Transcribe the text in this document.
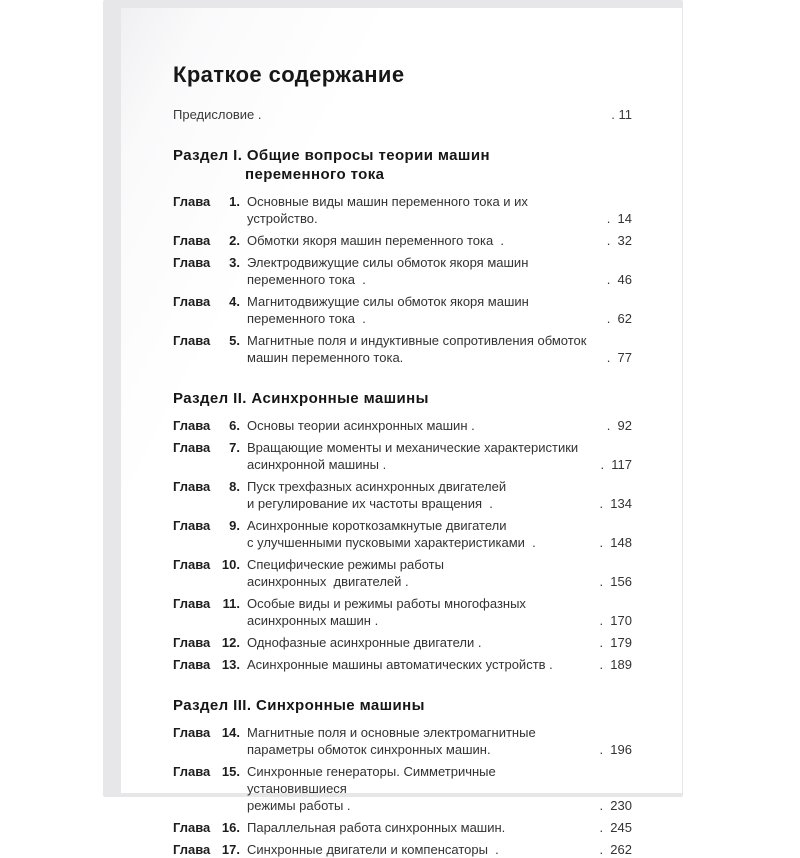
Краткое содержание
Предисловие .	. 11
Раздел I. Общие вопросы теории машин
переменного тока
Глава	1. Основные виды машин переменного тока и их устройство.	.  14
Глава	2. Обмотки якоря машин переменного тока  .	.  32
Глава	3. Электродвижущие силы обмоток якоря машин
переменного тока  .	.  46
Глава	4. Магнитодвижущие силы обмоток якоря машин
переменного тока  .	.  62
Глава	5. Магнитные поля и индуктивные сопротивления обмоток
машин переменного тока.	.  77
Раздел II. Асинхронные машины
Глава	6. Основы теории асинхронных машин .	.  92
Глава	7. Вращающие моменты и механические характеристики
асинхронной машины .	.  117
Глава	8. Пуск трехфазных асинхронных двигателей
и регулирование их частоты вращения  .	.  134
Глава	9. Асинхронные короткозамкнутые двигатели
с улучшенными пусковыми характеристиками  .	.  148
Глава 10. Специфические режимы работы
асинхронных  двигателей .	.  156
Глава 11. Особые виды и режимы работы многофазных
асинхронных машин .	.  170
Глава 12. Однофазные асинхронные двигатели .	.  179
Глава 13. Асинхронные машины автоматических устройств .	.  189
Раздел III. Синхронные машины
Глава 14. Магнитные поля и основные электромагнитные
параметры обмоток синхронных машин.	.  196
Глава 15. Синхронные генераторы. Симметричные установившиеся
режимы работы .	.  230
Глава 16. Параллельная работа синхронных машин.	.  245
Глава 17. Синхронные двигатели и компенсаторы  .	.  262
